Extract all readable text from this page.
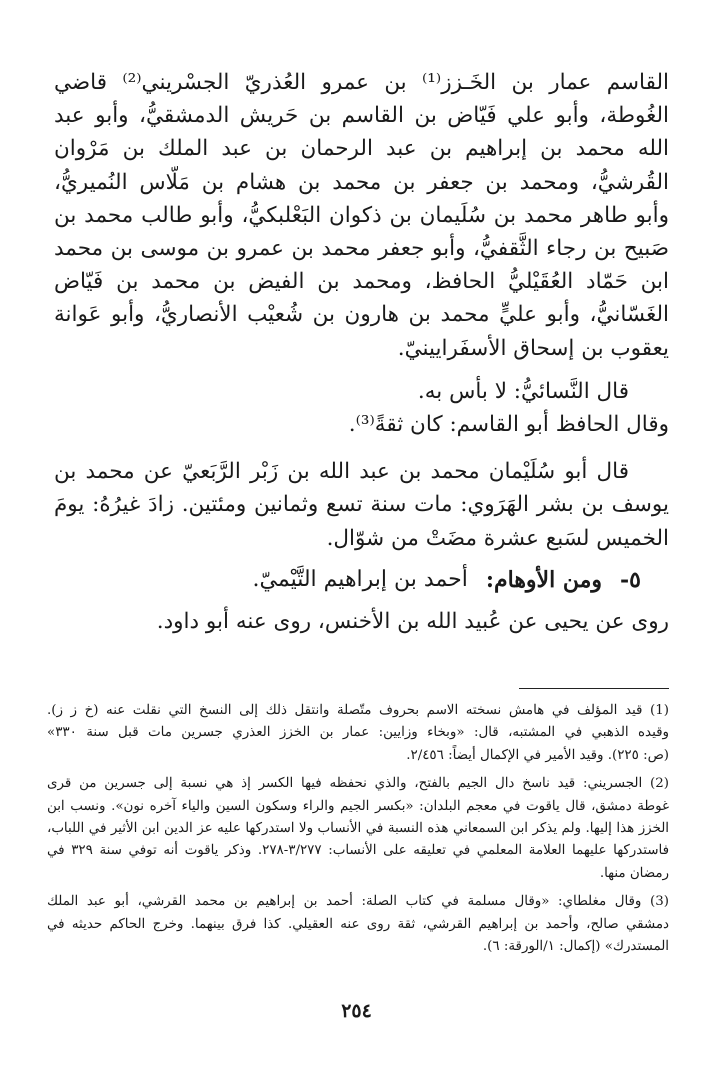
القاسم عمار بن الخَـزز⁽¹⁾ بن عمرو العُذريّ الجسْريني⁽²⁾ قاضي
الغُوطة، وأبو علي فَيّاض بن القاسم بن حَريش الدمشقيُّ، وأبو عبد
الله محمد بن إبراهيم بن عبد الرحمان بن عبد الملك بن مَرْوان
القُرشيُّ، ومحمد بن جعفر بن محمد بن هشام بن مَلّاس النُميريُّ،
وأبو طاهر محمد بن سُلَيمان بن ذكوان البَعْلبكيُّ، وأبو طالب محمد بن
صَبيح بن رجاء الثَّقفيُّ، وأبو جعفر محمد بن عمرو بن موسى بن محمد
ابن حَمّاد العُقَيْليُّ الحافظ، ومحمد بن الفيض بن محمد بن فَيّاض
الغَسّانيُّ، وأبو عليٍّ محمد بن هارون بن شُعيْب الأنصاريُّ، وأبو عَوانة
يعقوب بن إسحاق الأسفَرايينيّ.

قال النَّسائيُّ: لا بأس به.
وقال الحافظ أبو القاسم: كان ثقةً⁽³⁾.

قال أبو سُلَيْمان محمد بن عبد الله بن زَبْر الرَّبَعيّ عن محمد بن
يوسف بن بشر الهَرَوي: مات سنة تسع وثمانين ومئتين. زادَ غيرُهُ: يومَ
الخميس لسَبع عشرة مضَتْ من شوّال.

٥-
ومن الأوهام:
أحمد بن إبراهيم التَّيْميّ.

روى عن يحيى عن عُبيد الله بن الأخنس، روى عنه أبو داود.

(1) قيد المؤلف في هامش نسخته الاسم بحروف متّصلة وانتقل ذلك إلى النسخ التي نقلت عنه (خ ز ز).
وقيده الذهبي في المشتبه، قال: «وبخاء وزايين: عمار بن الخزز العذري جسرين مات قبل سنة ٣٣٠»
(ص: ٢٢٥). وقيد الأمير في الإكمال أيضاً: ٢/٤٥٦.

(2) الجسريني: قيد ناسخ دال الجيم بالفتح، والذي نحفظه فيها الكسر إذ هي نسبة إلى جسرين من قرى
غوطة دمشق، قال ياقوت في معجم البلدان: «بكسر الجيم والراء وسكون السين والياء آخره نون». ونسب ابن
الخزز هذا إليها. ولم يذكر ابن السمعاني هذه النسبة في الأنساب ولا استدركها عليه عز الدين ابن الأثير في اللباب،
فاستدركها عليهما العلامة المعلمي في تعليقه على الأنساب: ٣/٢٧٧-٢٧٨. وذكر ياقوت أنه توفي سنة ٣٢٩ في
رمضان منها.

(3) وقال مغلطاي: «وقال مسلمة في كتاب الصلة: أحمد بن إبراهيم بن محمد القرشي، أبو عبد الملك
دمشقي صالح، وأحمد بن إبراهيم القرشي، ثقة روى عنه العقيلي. كذا فرق بينهما. وخرج الحاكم حديثه في
المستدرك» (إكمال: ١/الورقة: ٦).

٢٥٤
